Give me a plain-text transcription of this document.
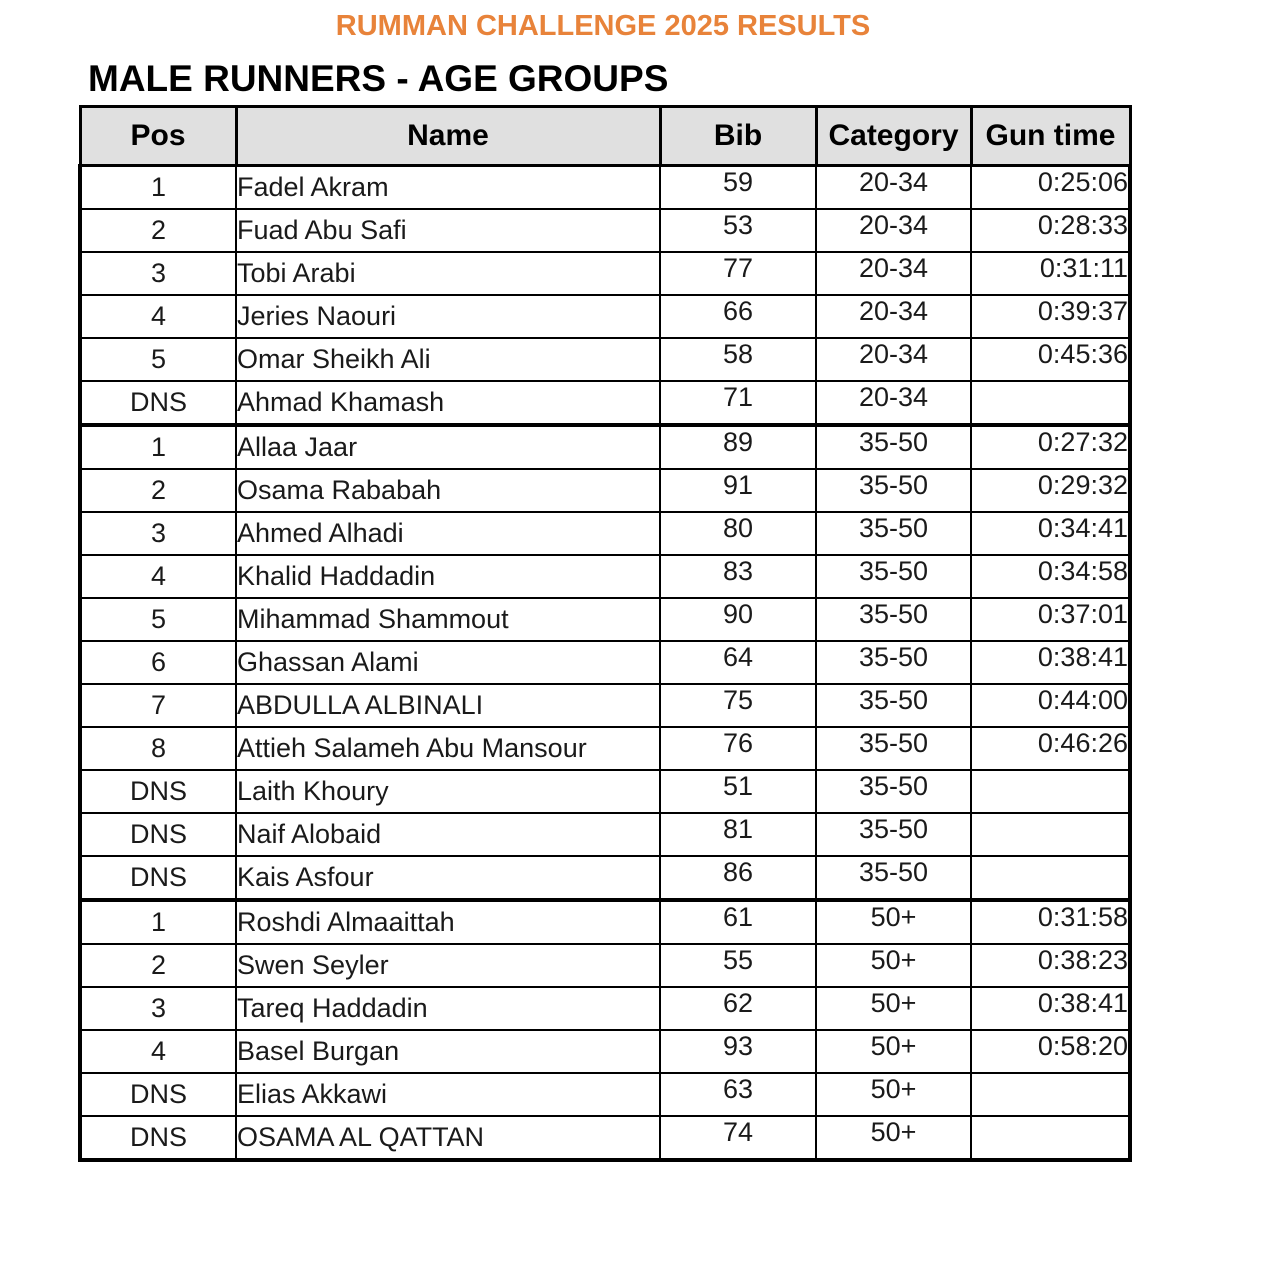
RUMMAN CHALLENGE 2025 RESULTS
MALE RUNNERS - AGE GROUPS
Pos	Name	Bib	Category	Gun time
1	Fadel Akram	59	20-34	0:25:06
2	Fuad Abu Safi	53	20-34	0:28:33
3	Tobi Arabi	77	20-34	0:31:11
4	Jeries Naouri	66	20-34	0:39:37
5	Omar Sheikh Ali	58	20-34	0:45:36
DNS	Ahmad Khamash	71	20-34	
1	Allaa Jaar	89	35-50	0:27:32
2	Osama Rababah	91	35-50	0:29:32
3	Ahmed Alhadi	80	35-50	0:34:41
4	Khalid Haddadin	83	35-50	0:34:58
5	Mihammad Shammout	90	35-50	0:37:01
6	Ghassan Alami	64	35-50	0:38:41
7	ABDULLA ALBINALI	75	35-50	0:44:00
8	Attieh Salameh Abu Mansour	76	35-50	0:46:26
DNS	Laith Khoury	51	35-50	
DNS	Naif Alobaid	81	35-50	
DNS	Kais Asfour	86	35-50	
1	Roshdi Almaaittah	61	50+	0:31:58
2	Swen Seyler	55	50+	0:38:23
3	Tareq Haddadin	62	50+	0:38:41
4	Basel Burgan	93	50+	0:58:20
DNS	Elias Akkawi	63	50+	
DNS	OSAMA AL QATTAN	74	50+	
